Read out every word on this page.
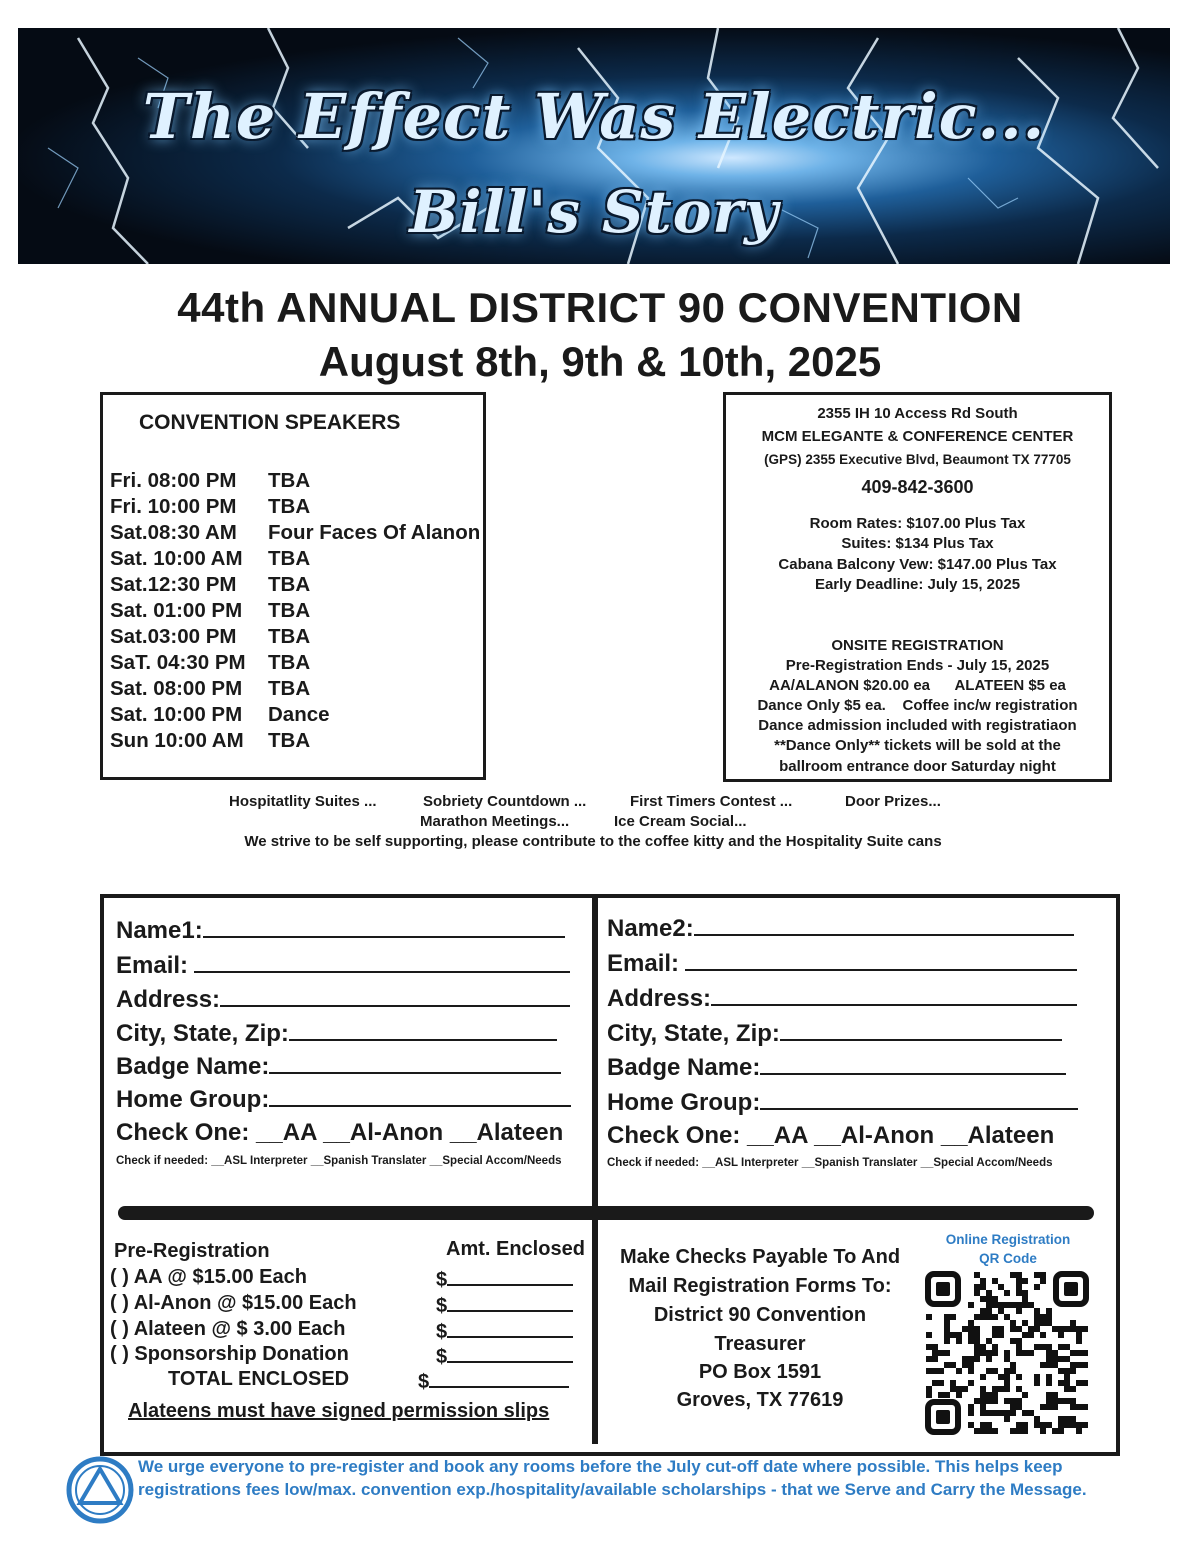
The Effect Was Electric...
Bill's Story
44th ANNUAL DISTRICT 90 CONVENTION
August 8th, 9th & 10th, 2025
CONVENTION SPEAKERS
Fri. 08:00 PM TBA
Fri. 10:00 PM TBA
Sat.08:30 AM Four Faces Of Alanon
Sat. 10:00 AM TBA
Sat.12:30 PM TBA
Sat. 01:00 PM TBA
Sat.03:00 PM TBA
SaT. 04:30 PM TBA
Sat. 08:00 PM TBA
Sat. 10:00 PM Dance
Sun 10:00 AM TBA
2355 IH 10 Access Rd South
MCM ELEGANTE & CONFERENCE CENTER
(GPS) 2355 Executive Blvd, Beaumont TX 77705
409-842-3600
Room Rates: $107.00 Plus Tax
Suites: $134 Plus Tax
Cabana Balcony Vew: $147.00 Plus Tax
Early Deadline: July 15, 2025
ONSITE REGISTRATION
Pre-Registration Ends - July 15, 2025
AA/ALANON $20.00 ea      ALATEEN $5 ea
Dance Only $5 ea.    Coffee inc/w registration
Dance admission included with registratiaon
**Dance Only** tickets will be sold at the
ballroom entrance door Saturday night
Hospitatlity Suites ...	Sobriety Countdown ...	First Timers Contest ...	Door Prizes...
Marathon Meetings...	Ice Cream Social...
We strive to be self supporting, please contribute to the coffee kitty and the Hospitality Suite cans
Name1:
Email:
Address:
City, State, Zip:
Badge Name:
Home Group:
Check One: __AA __Al-Anon __Alateen
Check if needed: __ASL Interpreter __Spanish Translater __Special Accom/Needs
Name2:
Email:
Address:
City, State, Zip:
Badge Name:
Home Group:
Check One: __AA __Al-Anon __Alateen
Check if needed: __ASL Interpreter __Spanish Translater __Special Accom/Needs
Pre-Registration	Amt. Enclosed
( ) AA @ $15.00 Each	$
( ) Al-Anon @ $15.00 Each	$
( ) Alateen @ $ 3.00 Each	$
( ) Sponsorship Donation	$
TOTAL ENCLOSED	$
Alateens must have signed permission slips
Make Checks Payable To And
Mail Registration Forms To:
District 90 Convention
Treasurer
PO Box 1591
Groves, TX 77619
Online Registration
QR Code
We urge everyone to pre-register and book any rooms before the July cut-off date where possible. This helps keep registrations fees low/max. convention exp./hospitality/available scholarships - that we Serve and Carry the Message.
